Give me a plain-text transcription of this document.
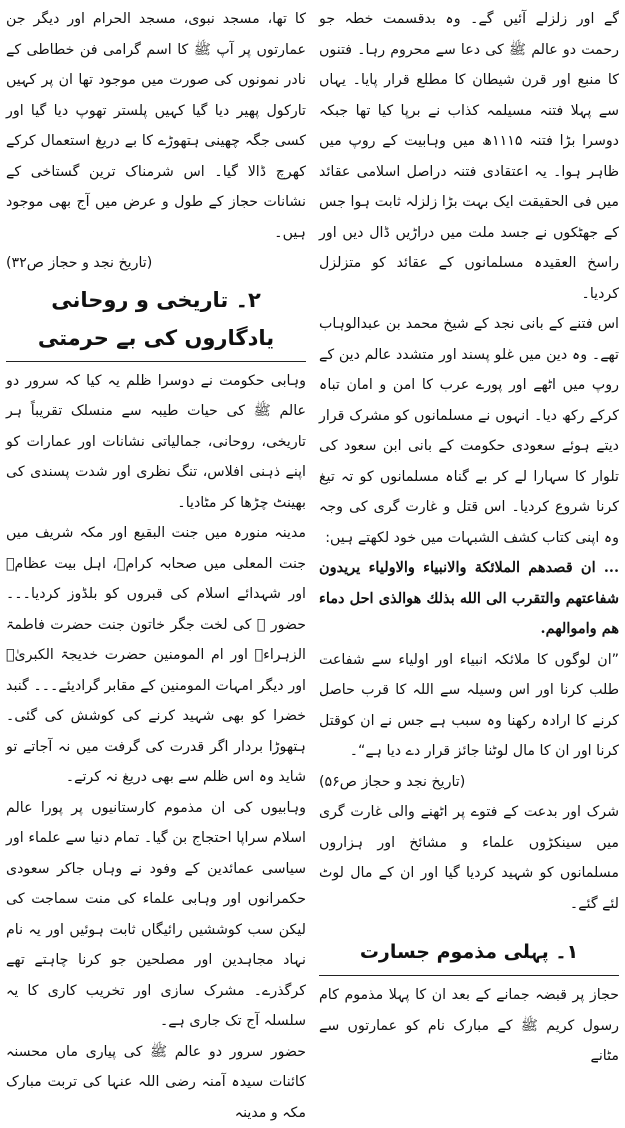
گے اور زلزلے آئیں گے۔ وہ بدقسمت خطہ جو رحمت دو عالم ﷺ کی دعا سے محروم رہا۔ فتنوں کا منبع اور قرن شیطان کا مطلع قرار پایا۔ یہاں سے پہلا فتنہ مسیلمہ کذاب نے برپا کیا تھا جبکہ دوسرا بڑا فتنہ ۱۱۱۵ھ میں وہابیت کے روپ میں ظاہر ہوا۔ یہ اعتقادی فتنہ دراصل اسلامی عقائد میں فی الحقیقت ایک بہت بڑا زلزلہ ثابت ہوا جس کے جھٹکوں نے جسد ملت میں دراڑیں ڈال دیں اور راسخ العقیدہ مسلمانوں کے عقائد کو متزلزل کردیا۔

اس فتنے کے بانی نجد کے شیخ محمد بن عبدالوہاب تھے۔ وہ دین میں غلو پسند اور متشدد عالم دین کے روپ میں اٹھے اور پورے عرب کا امن و امان تباہ کرکے رکھ دیا۔ انہوں نے مسلمانوں کو مشرک قرار دیتے ہوئے سعودی حکومت کے بانی ابن سعود کی تلوار کا سہارا لے کر بے گناہ مسلمانوں کو تہ تیغ کرنا شروع کردیا۔ اس قتل و غارت گری کی وجہ وہ اپنی کتاب کشف الشبہات میں خود لکھتے ہیں:

... ان قصدهم الملائكة والانبياء والاولياء يريدون شفاعتهم والتقرب الى الله بذلك هوالذى احل دماء هم واموالهم.

”ان لوگوں کا ملائکہ انبیاء اور اولیاء سے شفاعت طلب کرنا اور اس وسیلہ سے اللہ کا قرب حاصل کرنے کا ارادہ رکھنا وہ سبب ہے جس نے ان کوقتل کرنا اور ان کا مال لوٹنا جائز قرار دے دیا ہے“۔

(تاریخ نجد و حجاز ص۵۶)

شرک اور بدعت کے فتوے پر اٹھنے والی غارت گری میں سینکڑوں علماء و مشائخ اور ہزاروں مسلمانوں کو شہید کردیا گیا اور ان کے مال لوٹ لئے گئے۔

۱۔ پہلی مذموم جسارت

حجاز پر قبضہ جمانے کے بعد ان کا پہلا مذموم کام رسول کریم ﷺ کے مبارک نام کو عمارتوں سے مٹانے

کا تھا، مسجد نبوی، مسجد الحرام اور دیگر جن عمارتوں پر آپ ﷺ کا اسم گرامی فن خطاطی کے نادر نمونوں کی صورت میں موجود تھا ان پر کہیں تارکول پھیر دیا گیا کہیں پلستر تھوپ دیا گیا اور کسی جگہ چھینی ہتھوڑے کا بے دریغ استعمال کرکے کھرچ ڈالا گیا۔ اس شرمناک ترین گستاخی کے نشانات حجاز کے طول و عرض میں آج بھی موجود ہیں۔

(تاریخ نجد و حجاز ص۳۲)

۲۔ تاریخی و روحانی یادگاروں کی بے حرمتی

وہابی حکومت نے دوسرا ظلم یہ کیا کہ سرور دو عالم ﷺ کی حیات طیبہ سے منسلک تقریباً ہر تاریخی، روحانی، جمالیاتی نشانات اور عمارات کو اپنے ذہنی افلاس، تنگ نظری اور شدت پسندی کی بھینٹ چڑھا کر مٹادیا۔

مدینہ منورہ میں جنت البقیع اور مکہ شریف میں جنت المعلی میں صحابہ کرامؓ، اہل بیت عظامؓ اور شہدائے اسلام کی قبروں کو بلڈوز کردیا۔۔۔ حضور ﷺ کی لخت جگر خاتون جنت حضرت فاطمۃ الزہراءؓ اور ام المومنین حضرت خدیجۃ الکبریٰؓ اور دیگر امہات المومنین کے مقابر گرادیئے۔۔۔ گنبد خضرا کو بھی شہید کرنے کی کوشش کی گئی۔ ہتھوڑا بردار اگر قدرت کی گرفت میں نہ آجاتے تو شاید وہ اس ظلم سے بھی دریغ نہ کرتے۔

وہابیوں کی ان مذموم کارستانیوں پر پورا عالم اسلام سراپا احتجاج بن گیا۔ تمام دنیا سے علماء اور سیاسی عمائدین کے وفود نے وہاں جاکر سعودی حکمرانوں اور وہابی علماء کی منت سماجت کی لیکن سب کوششیں رائیگاں ثابت ہوئیں اور یہ نام نہاد مجاہدین اور مصلحین جو کرنا چاہتے تھے کرگذرے۔ مشرک سازی اور تخریب کاری کا یہ سلسلہ آج تک جاری ہے۔

حضور سرور دو عالم ﷺ کی پیاری ماں محسنہ کائنات سیدہ آمنہ رضی اللہ عنہا کی تربت مبارک مکہ و مدینہ
